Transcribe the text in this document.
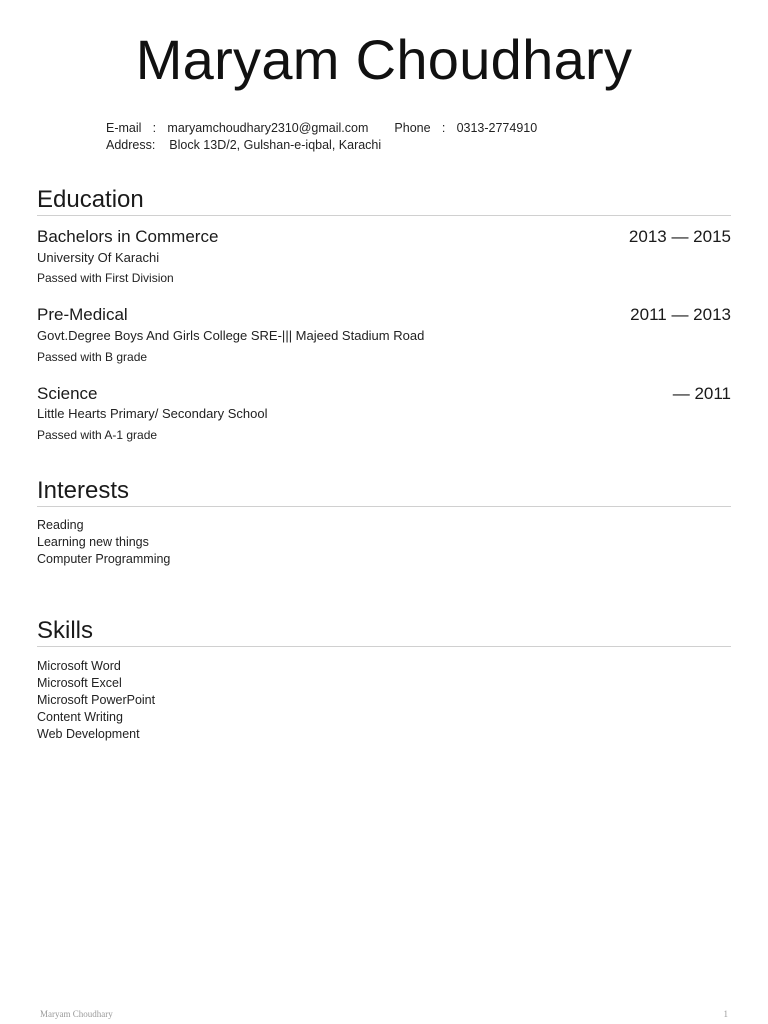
Maryam Choudhary
E-mail : maryamchoudhary2310@gmail.com Phone : 0313-2774910
Address: Block 13D/2, Gulshan-e-iqbal, Karachi
Education
Bachelors in Commerce	2013 — 2015
University Of Karachi
Passed with First Division
Pre-Medical	2011 — 2013
Govt.Degree Boys And Girls College SRE-||| Majeed Stadium Road
Passed with B grade
Science	— 2011
Little Hearts Primary/ Secondary School
Passed with A-1 grade
Interests
Reading
Learning new things
Computer Programming
Skills
Microsoft Word
Microsoft Excel
Microsoft PowerPoint
Content Writing
Web Development
Maryam Choudhary	1
